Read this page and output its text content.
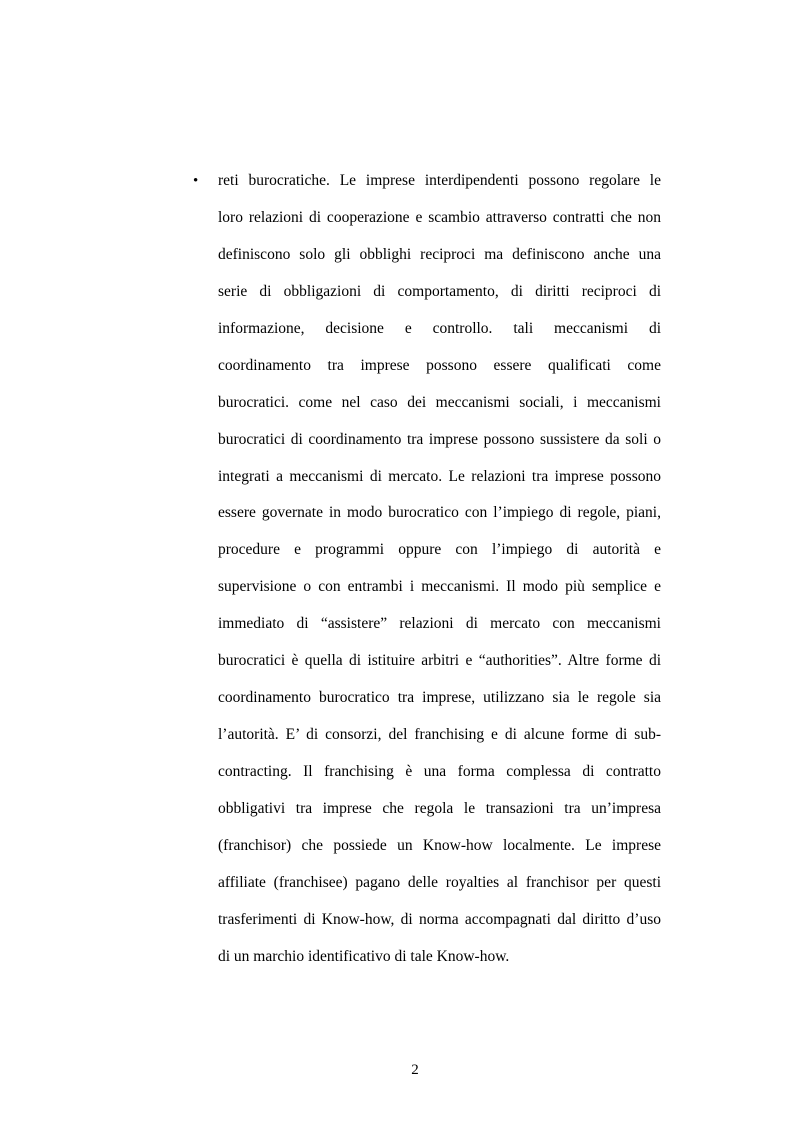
• reti burocratiche. Le imprese interdipendenti possono regolare le
loro relazioni di cooperazione e scambio attraverso contratti che non
definiscono solo gli obblighi reciproci ma definiscono anche una
serie di obbligazioni di comportamento, di diritti reciproci di
informazione, decisione e controllo. tali meccanismi di
coordinamento tra imprese possono essere qualificati come
burocratici. come nel caso dei meccanismi sociali, i meccanismi
burocratici di coordinamento tra imprese possono sussistere da soli o
integrati a meccanismi di mercato. Le relazioni tra imprese possono
essere governate in modo burocratico con l’impiego di regole, piani,
procedure e programmi oppure con l’impiego di autorità e
supervisione o con entrambi i meccanismi. Il modo più semplice e
immediato di “assistere” relazioni di mercato con meccanismi
burocratici è quella di istituire arbitri e “authorities”. Altre forme di
coordinamento burocratico tra imprese, utilizzano sia le regole sia
l’autorità. E’ di consorzi, del franchising e di alcune forme di sub-
contracting. Il franchising è una forma complessa di contratto
obbligativi tra imprese che regola le transazioni tra un’impresa
(franchisor) che possiede un Know-how localmente. Le imprese
affiliate (franchisee) pagano delle royalties al franchisor per questi
trasferimenti di Know-how, di norma accompagnati dal diritto d’uso
di un marchio identificativo di tale Know-how.
2
